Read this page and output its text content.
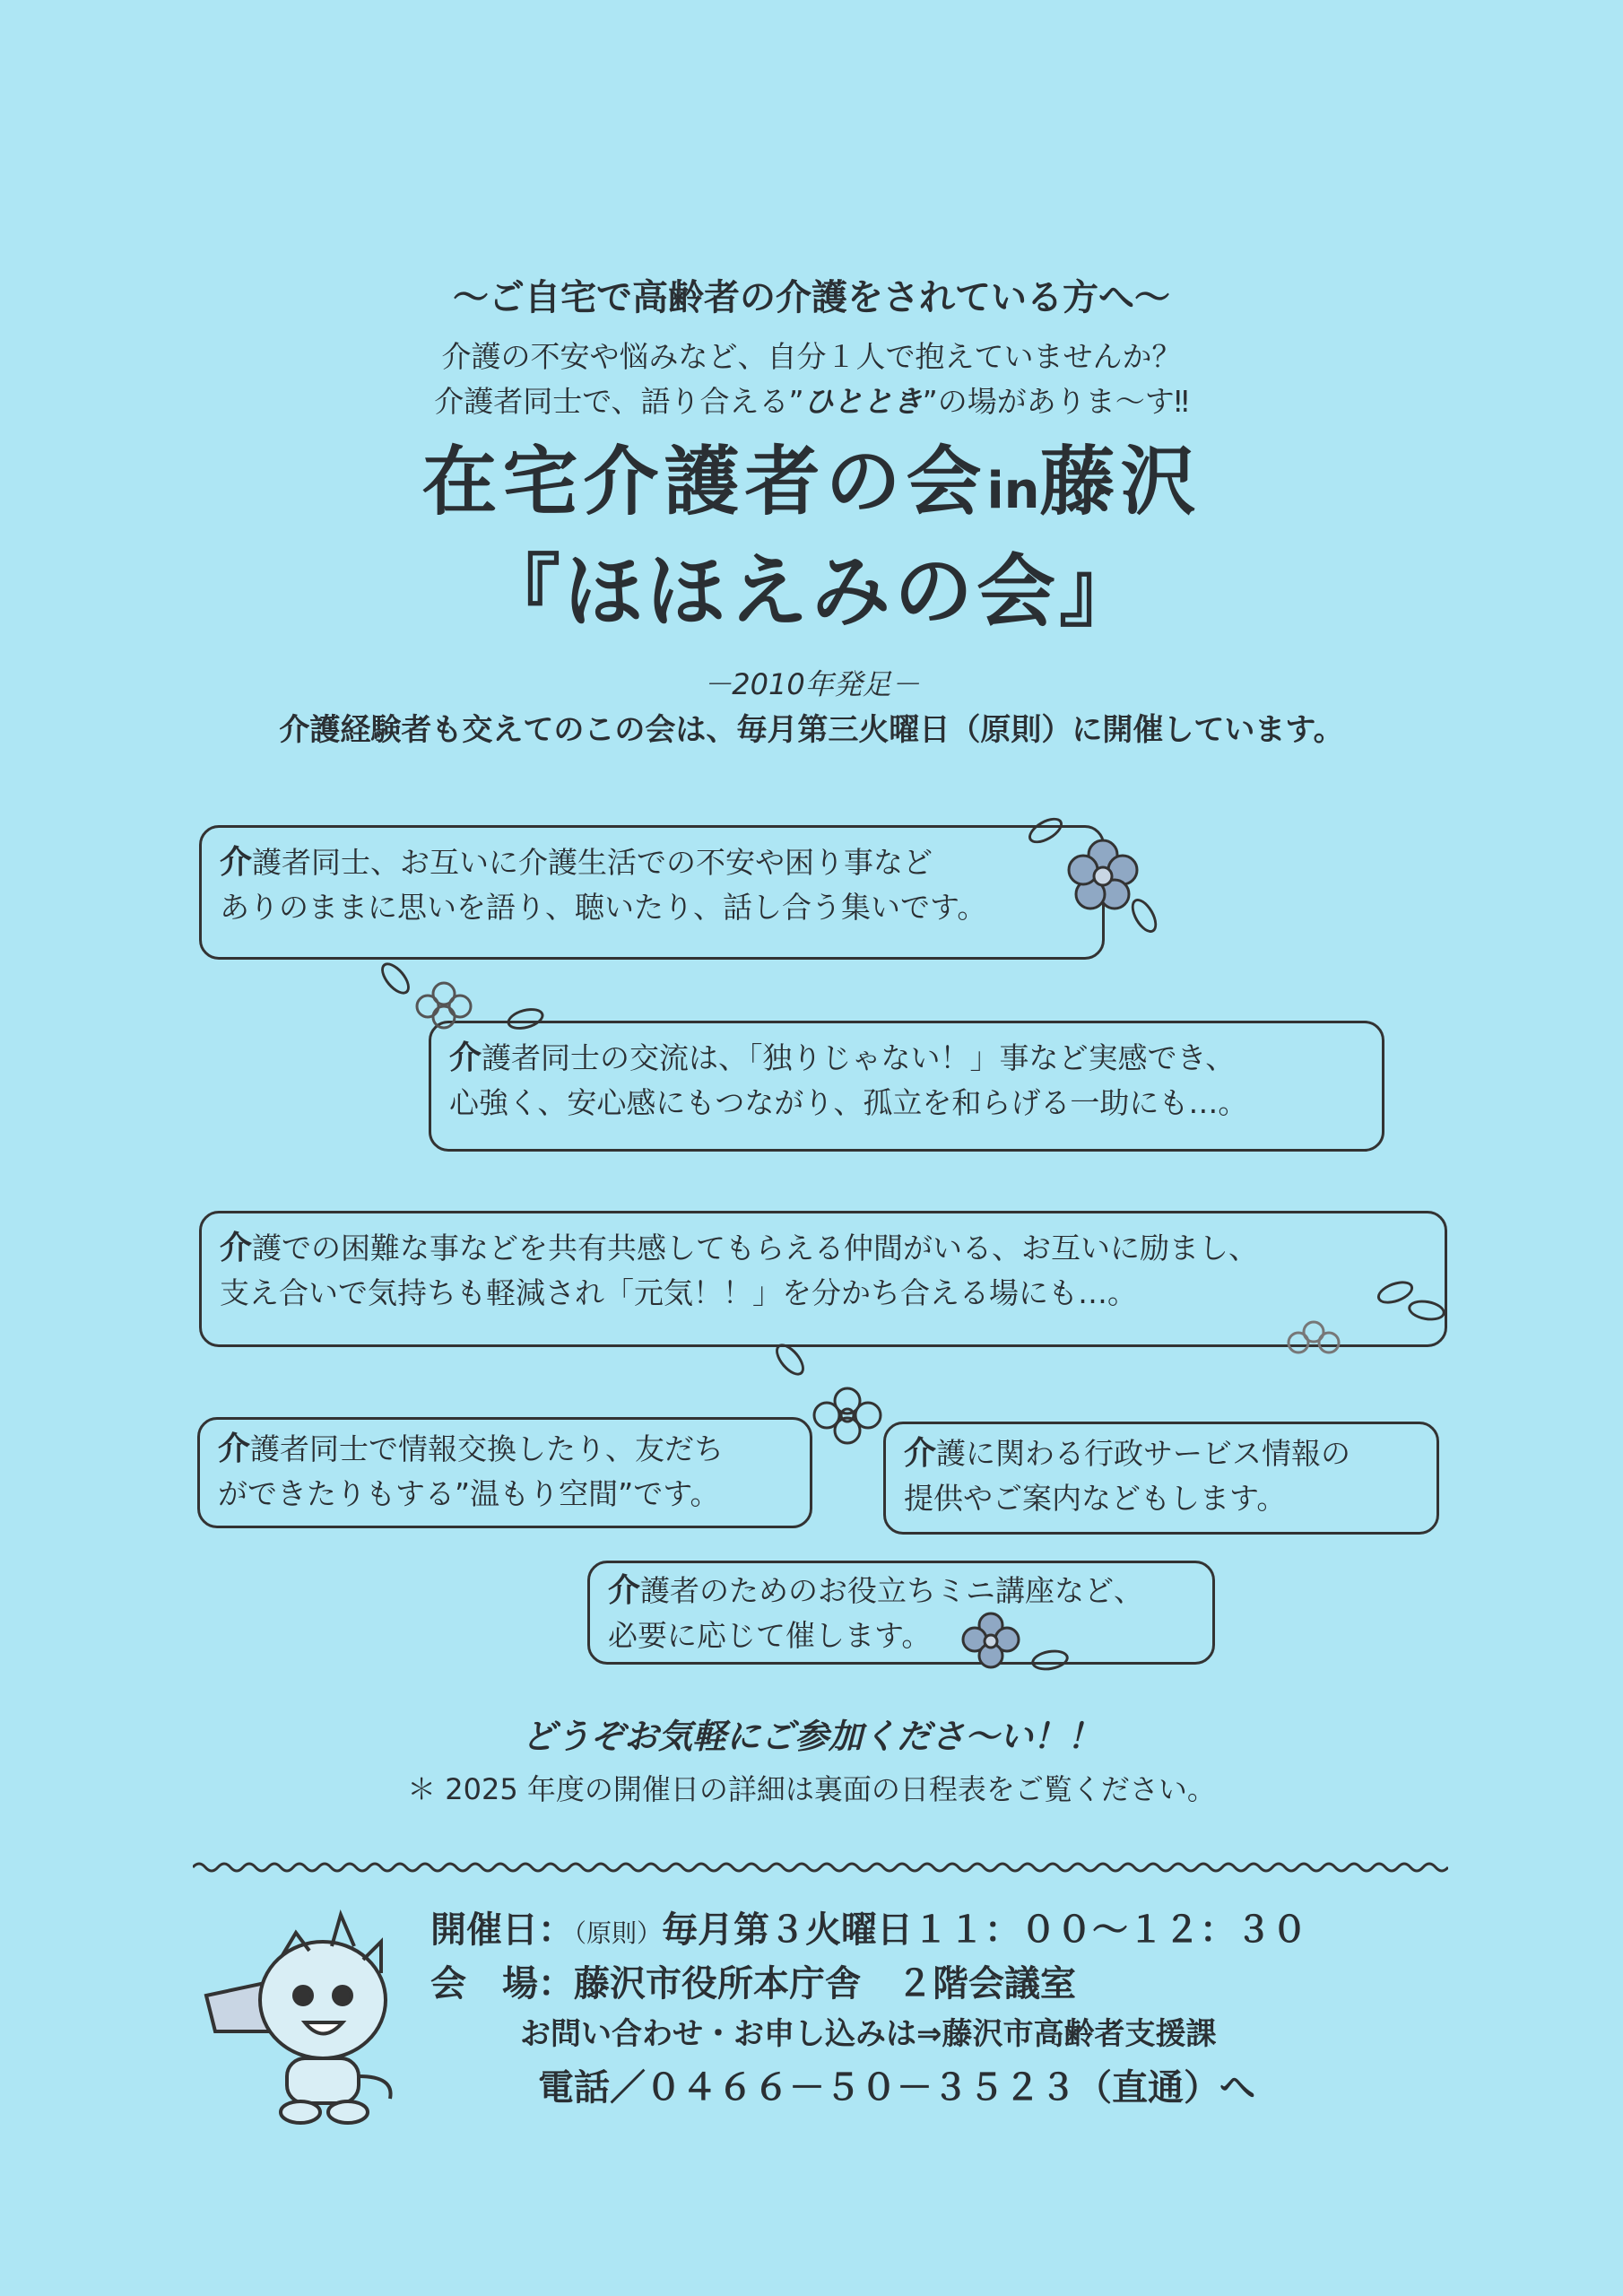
～ご自宅で高齢者の介護をされている方へ～
介護の不安や悩みなど、自分１人で抱えていませんか？
介護者同士で、語り合える”ひととき”の場がありま～す‼
在宅介護者の会in藤沢
『ほほえみの会』
－2010年発足－
介護経験者も交えてのこの会は、毎月第三火曜日（原則）に開催しています。
介護者同士、お互いに介護生活での不安や困り事など
ありのままに思いを語り、聴いたり、話し合う集いです。
介護者同士の交流は、「独りじゃない！」事など実感でき、
心強く、安心感にもつながり、孤立を和らげる一助にも…。
介護での困難な事などを共有共感してもらえる仲間がいる、お互いに励まし、
支え合いで気持ちも軽減され「元気！！」を分かち合える場にも…。
介護者同士で情報交換したり、友だち
ができたりもする”温もり空間”です。
介護に関わる行政サービス情報の
提供やご案内などもします。
介護者のためのお役立ちミニ講座など、
必要に応じて催します。
どうぞお気軽にご参加くださ～い！！
＊ 2025 年度の開催日の詳細は裏面の日程表をご覧ください。
開催日：（原則）毎月第３火曜日１１：００～１２：３０
会　場：藤沢市役所本庁舎　２階会議室
お問い合わせ・お申し込みは⇒藤沢市高齢者支援課
電話／０４６６－５０－３５２３（直通）へ
